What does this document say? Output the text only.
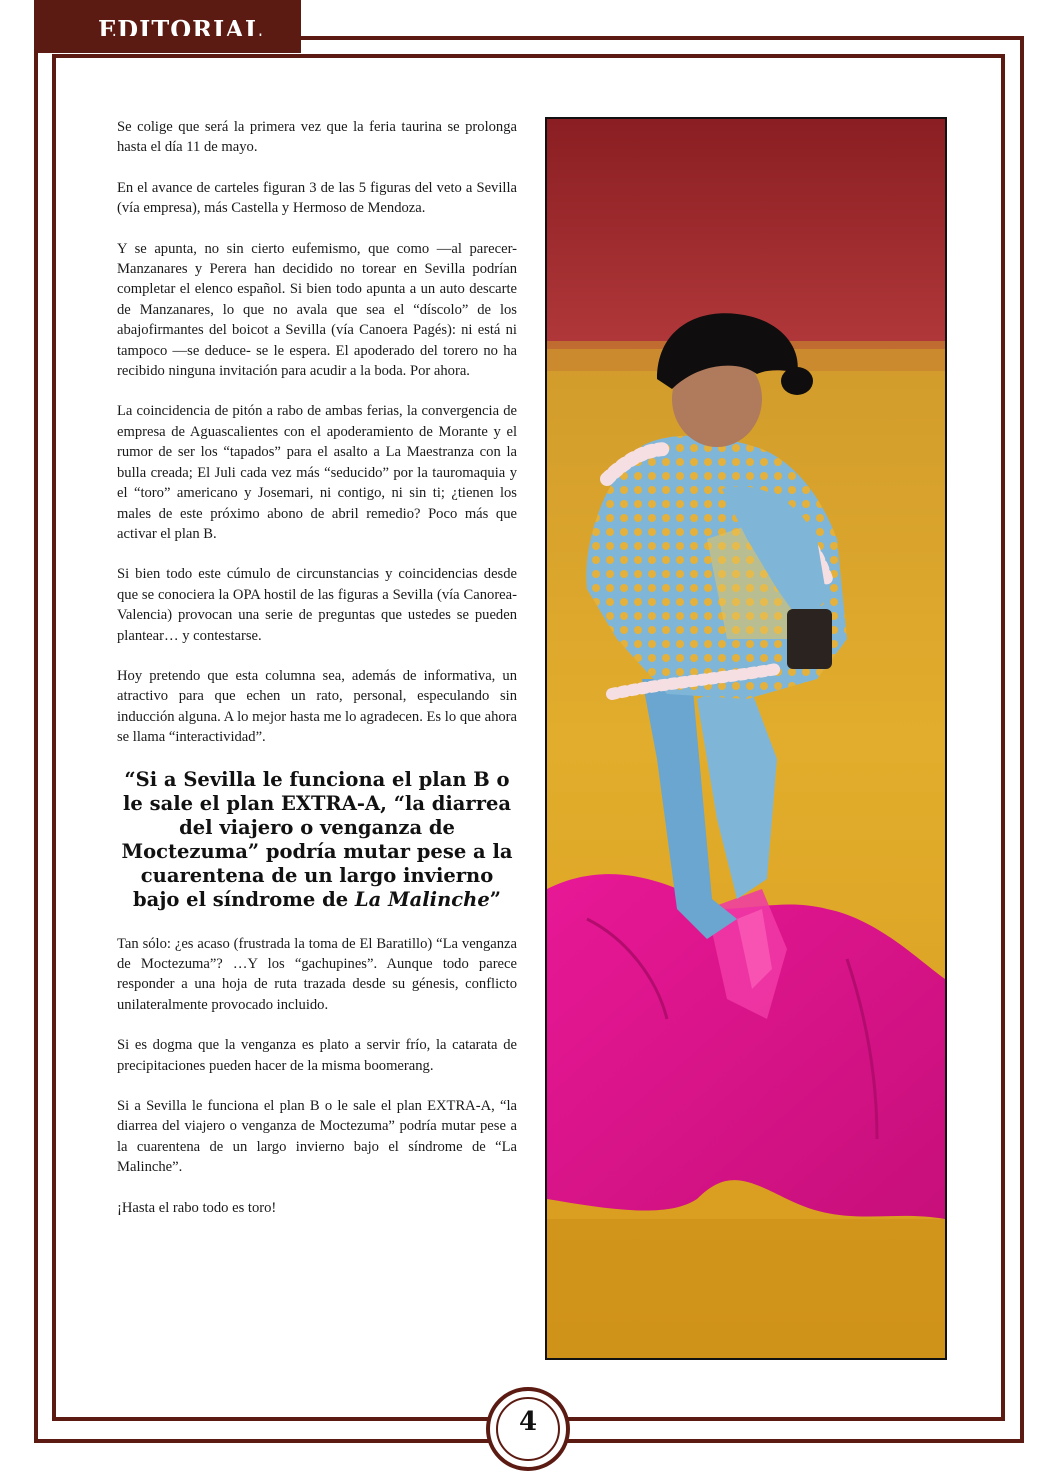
EDITORIAL

Se colige que será la primera vez que la feria taurina se prolonga hasta el día 11 de mayo.

En el avance de carteles figuran 3 de las 5 figuras del veto a Sevilla (vía empresa), más Castella y Hermoso de Mendoza.

Y se apunta, no sin cierto eufemismo, que como —al parecer- Manzanares y Perera han decidido no torear en Sevilla podrían completar el elenco español. Si bien todo apunta a un auto descarte de Manzanares, lo que no avala que sea el “díscolo” de los abajofirmantes del boicot a Sevilla (vía Canoera Pagés): ni está ni tampoco —se deduce- se le espera. El apoderado del torero no ha recibido ninguna invitación para acudir a la boda. Por ahora.

La coincidencia de pitón a rabo de ambas ferias, la convergencia de empresa de Aguascalientes con el apoderamiento de Morante y el rumor de ser los “tapados” para el asalto a La Maestranza con la bulla creada; El Juli cada vez más “seducido” por la tauromaquia y el “toro” americano y Josemari, ni contigo, ni sin ti; ¿tienen los males de este próximo abono de abril remedio? Poco más que activar el plan B.

Si bien todo este cúmulo de circunstancias y coincidencias desde que se conociera la OPA hostil de las figuras a Sevilla (vía Canorea-Valencia) provocan una serie de preguntas que ustedes se pueden plantear… y contestarse.

Hoy pretendo que esta columna sea, además de informativa, un atractivo para que echen un rato, personal, especulando sin inducción alguna. A lo mejor hasta me lo agradecen. Es lo que ahora se llama “interactividad”.

“Si a Sevilla le funciona el plan B o le sale el plan EXTRA-A, “la diarrea del viajero o venganza de Moctezuma” podría mutar pese a la cuarentena de un largo invierno bajo el síndrome de La Malinche”

Tan sólo: ¿es acaso (frustrada la toma de El Baratillo) “La venganza de Moctezuma”? …Y los “gachupines”. Aunque todo parece responder a una hoja de ruta trazada desde su génesis, conflicto unilateralmente provocado incluido.

Si es dogma que la venganza es plato a servir frío, la catarata de precipitaciones pueden hacer de la misma boomerang.

Si a Sevilla le funciona el plan B o le sale el plan EXTRA-A, “la diarrea del viajero o venganza de Moctezuma” podría mutar pese a la cuarentena de un largo invierno bajo el síndrome de “La Malinche”.

¡Hasta el rabo todo es toro!

4
